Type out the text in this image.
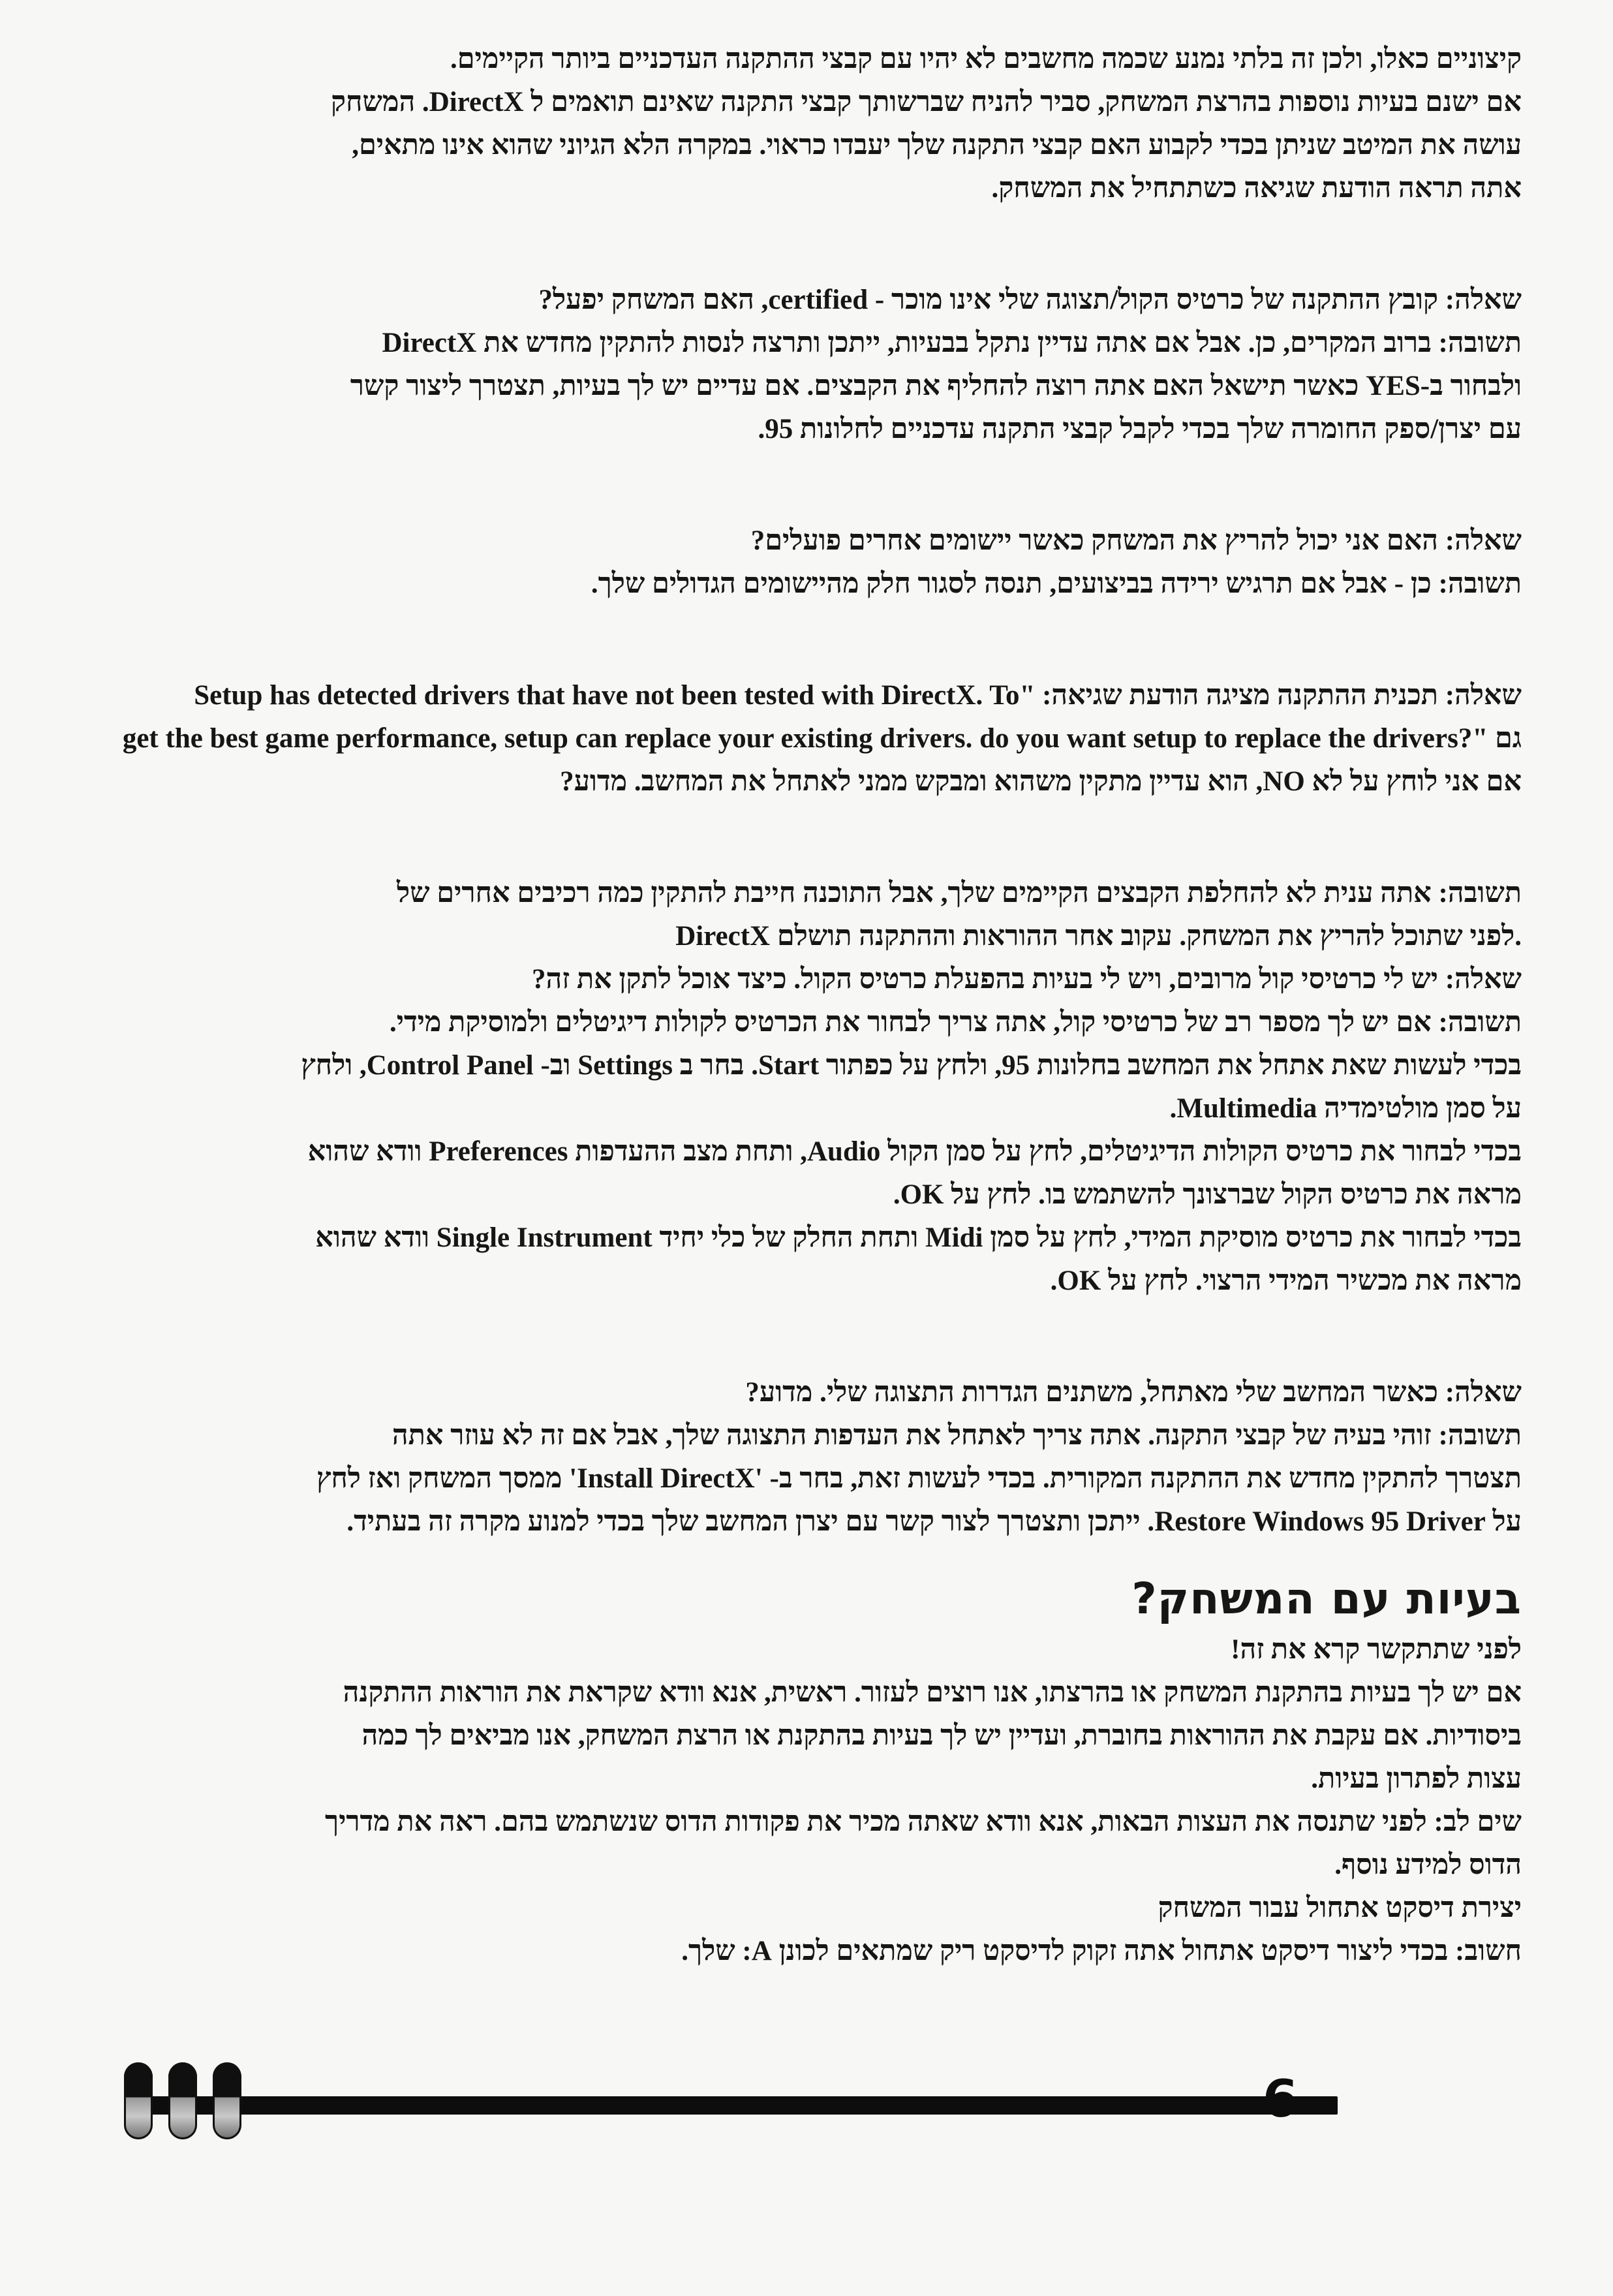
קיצוניים כאלו, ולכן זה בלתי נמנע שכמה מחשבים לא יהיו עם קבצי ההתקנה העדכניים ביותר הקיימים.
אם ישנם בעיות נוספות בהרצת המשחק, סביר להניח שברשותך קבצי התקנה שאינם תואמים ל DirectX. המשחק
עושה את המיטב שניתן בכדי לקבוע האם קבצי התקנה שלך יעבדו כראוי. במקרה הלא הגיוני שהוא אינו מתאים,
אתה תראה הודעת שגיאה כשתתחיל את המשחק.

שאלה: קובץ ההתקנה של כרטיס הקול/תצוגה שלי אינו מוכר - certified, האם המשחק יפעל?
תשובה: ברוב המקרים, כן. אבל אם אתה עדיין נתקל בבעיות, ייתכן ותרצה לנסות להתקין מחדש את DirectX
ולבחור ב-YES כאשר תישאל האם אתה רוצה להחליף את הקבצים. אם עדיים יש לך בעיות, תצטרך ליצור קשר
עם יצרן/ספק החומרה שלך בכדי לקבל קבצי התקנה עדכניים לחלונות 95.

שאלה: האם אני יכול להריץ את המשחק כאשר יישומים אחרים פועלים?
תשובה: כן - אבל אם תרגיש ירידה בביצועים, תנסה לסגור חלק מהיישומים הגדולים שלך.

שאלה: תכנית ההתקנה מציגה הודעת שגיאה: "Setup has detected drivers that have not been tested with DirectX. To
get the best game performance, setup can replace your existing drivers. do you want setup to replace the drivers?" גם
אם אני לוחץ על לא NO, הוא עדיין מתקין משהוא ומבקש ממני לאתחל את המחשב. מדוע?

תשובה: אתה ענית לא להחלפת הקבצים הקיימים שלך, אבל התוכנה חייבת להתקין כמה רכיבים אחרים של
DirectX לפני שתוכל להריץ את המשחק. עקוב אחר ההוראות וההתקנה תושלם.
שאלה: יש לי כרטיסי קול מרובים, ויש לי בעיות בהפעלת כרטיס הקול. כיצד אוכל לתקן את זה?
תשובה: אם יש לך מספר רב של כרטיסי קול, אתה צריך לבחור את הכרטיס לקולות דיגיטלים ולמוסיקת מידי.
בכדי לעשות שאת אתחל את המחשב בחלונות 95, ולחץ על כפתור Start. בחר ב Settings וב- Control Panel, ולחץ
על סמן מולטימדיה Multimedia.
בכדי לבחור את כרטיס הקולות הדיגיטלים, לחץ על סמן הקול Audio, ותחת מצב ההעדפות Preferences וודא שהוא
מראה את כרטיס הקול שברצונך להשתמש בו. לחץ על OK.
בכדי לבחור את כרטיס מוסיקת המידי, לחץ על סמן Midi ותחת החלק של כלי יחיד Single Instrument וודא שהוא
מראה את מכשיר המידי הרצוי. לחץ על OK.

שאלה: כאשר המחשב שלי מאתחל, משתנים הגדרות התצוגה שלי. מדוע?
תשובה: זוהי בעיה של קבצי התקנה. אתה צריך לאתחל את העדפות התצוגה שלך, אבל אם זה לא עוזר אתה
תצטרך להתקין מחדש את ההתקנה המקורית. בכדי לעשות זאת, בחר ב- 'Install DirectX' ממסך המשחק ואז לחץ
על Restore Windows 95 Driver. ייתכן ותצטרך לצור קשר עם יצרן המחשב שלך בכדי למנוע מקרה זה בעתיד.

בעיות עם המשחק?

לפני שתתקשר קרא את זה!
אם יש לך בעיות בהתקנת המשחק או בהרצתו, אנו רוצים לעזור. ראשית, אנא וודא שקראת את הוראות ההתקנה
ביסודיות. אם עקבת את ההוראות בחוברת, ועדיין יש לך בעיות בהתקנת או הרצת המשחק, אנו מביאים לך כמה
עצות לפתרון בעיות.
שים לב: לפני שתנסה את העצות הבאות, אנא וודא שאתה מכיר את פקודות הדוס שנשתמש בהם. ראה את מדריך
הדוס למידע נוסף.
יצירת דיסקט אתחול עבור המשחק
חשוב: בכדי ליצור דיסקט אתחול אתה זקוק לדיסקט ריק שמתאים לכונן A: שלך.

6
